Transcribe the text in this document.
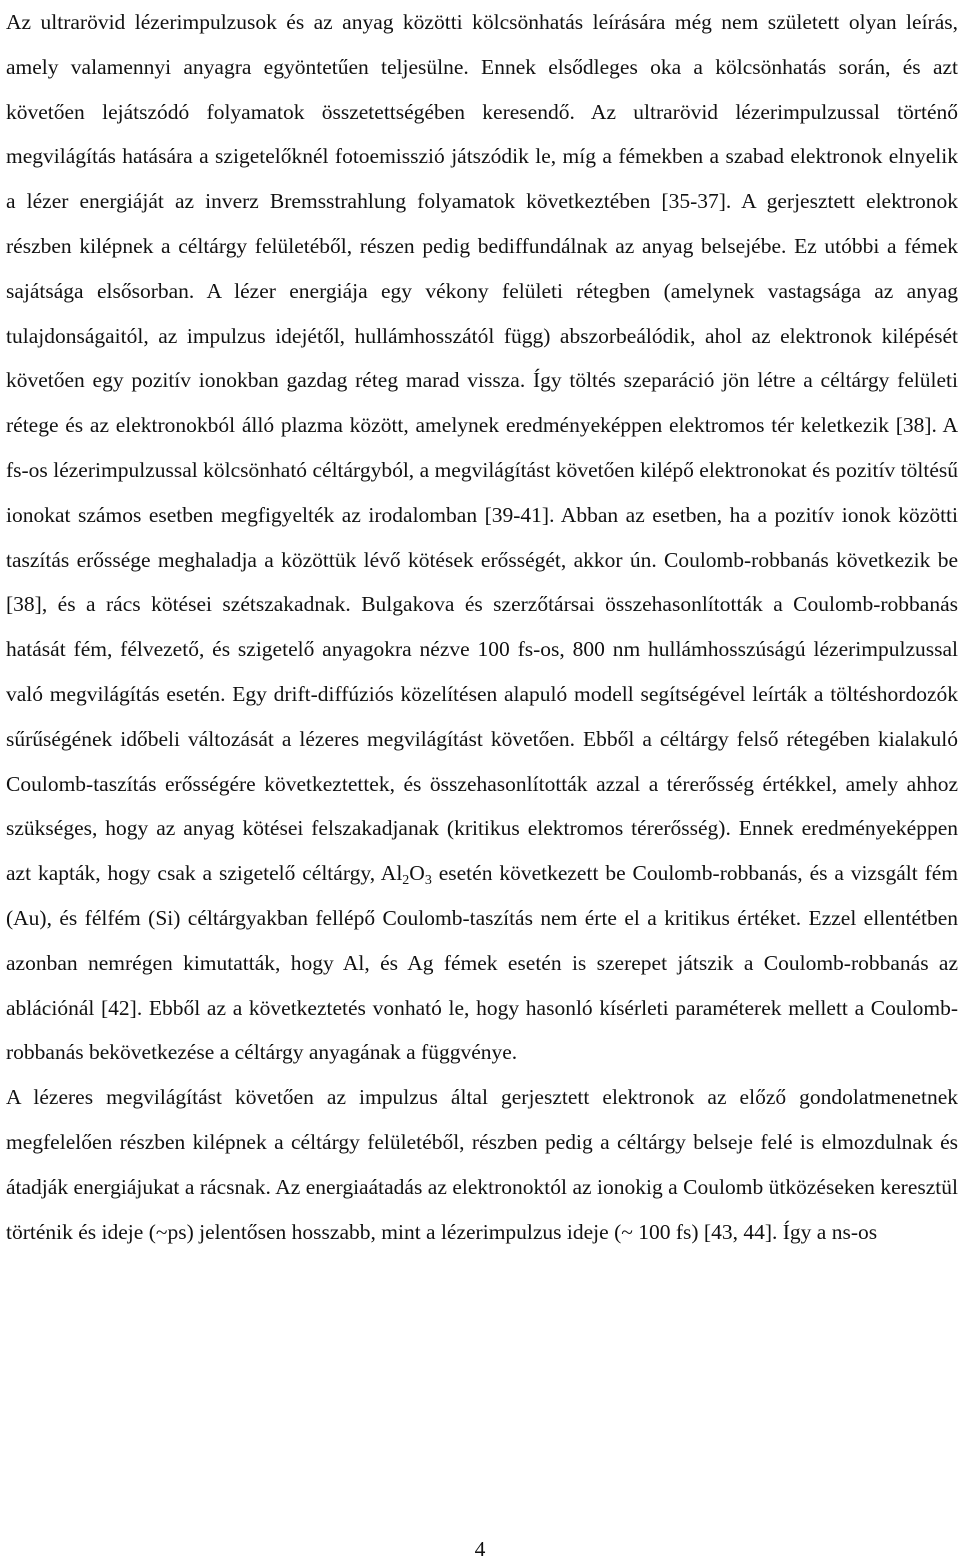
Az ultrarövid lézerimpulzusok és az anyag közötti kölcsönhatás leírására még nem született olyan leírás, amely valamennyi anyagra egyöntetűen teljesülne. Ennek elsődleges oka a kölcsönhatás során, és azt követően lejátszódó folyamatok összetettségében keresendő. Az ultrarövid lézerimpulzussal történő megvilágítás hatására a szigetelőknél fotoemisszió játszódik le, míg a fémekben a szabad elektronok elnyelik a lézer energiáját az inverz Bremsstrahlung folyamatok következtében [35-37]. A gerjesztett elektronok részben kilépnek a céltárgy felületéből, részen pedig bediffundálnak az anyag belsejébe. Ez utóbbi a fémek sajátsága elsősorban. A lézer energiája egy vékony felületi rétegben (amelynek vastagsága az anyag tulajdonságaitól, az impulzus idejétől, hullámhosszától függ) abszorbeálódik, ahol az elektronok kilépését követően egy pozitív ionokban gazdag réteg marad vissza. Így töltés szeparáció jön létre a céltárgy felületi rétege és az elektronokból álló plazma között, amelynek eredményeképpen elektromos tér keletkezik [38]. A fs-os lézerimpulzussal kölcsönható céltárgyból, a megvilágítást követően kilépő elektronokat és pozitív töltésű ionokat számos esetben megfigyelték az irodalomban [39-41]. Abban az esetben, ha a pozitív ionok közötti taszítás erőssége meghaladja a közöttük lévő kötések erősségét, akkor ún. Coulomb-robbanás következik be [38], és a rács kötései szétszakadnak. Bulgakova és szerzőtársai összehasonlították a Coulomb-robbanás hatását fém, félvezető, és szigetelő anyagokra nézve 100 fs-os, 800 nm hullámhosszúságú lézerimpulzussal való megvilágítás esetén. Egy drift-diffúziós közelítésen alapuló modell segítségével leírták a töltéshordozók sűrűségének időbeli változását a lézeres megvilágítást követően. Ebből a céltárgy felső rétegében kialakuló Coulomb-taszítás erősségére következtettek, és összehasonlították azzal a térerősség értékkel, amely ahhoz szükséges, hogy az anyag kötései felszakadjanak (kritikus elektromos térerősség). Ennek eredményeképpen azt kapták, hogy csak a szigetelő céltárgy, $Al_2O_3$ esetén következett be Coulomb-robbanás, és a vizsgált fém (Au), és félfém (Si) céltárgyakban fellépő Coulomb-taszítás nem érte el a kritikus értéket. Ezzel ellentétben azonban nemrégen kimutatták, hogy Al, és Ag fémek esetén is szerepet játszik a Coulomb-robbanás az ablációnál [42]. Ebből az a következtetés vonható le, hogy hasonló kísérleti paraméterek mellett a Coulomb-robbanás bekövetkezése a céltárgy anyagának a függvénye.

A lézeres megvilágítást követően az impulzus által gerjesztett elektronok az előző gondolatmenetnek megfelelően részben kilépnek a céltárgy felületéből, részben pedig a céltárgy belseje felé is elmozdulnak és átadják energiájukat a rácsnak. Az energiaátadás az elektronoktól az ionokig a Coulomb ütközéseken keresztül történik és ideje (~ps) jelentősen hosszabb, mint a lézerimpulzus ideje (~ 100 fs) [43, 44]. Így a ns-os

4
